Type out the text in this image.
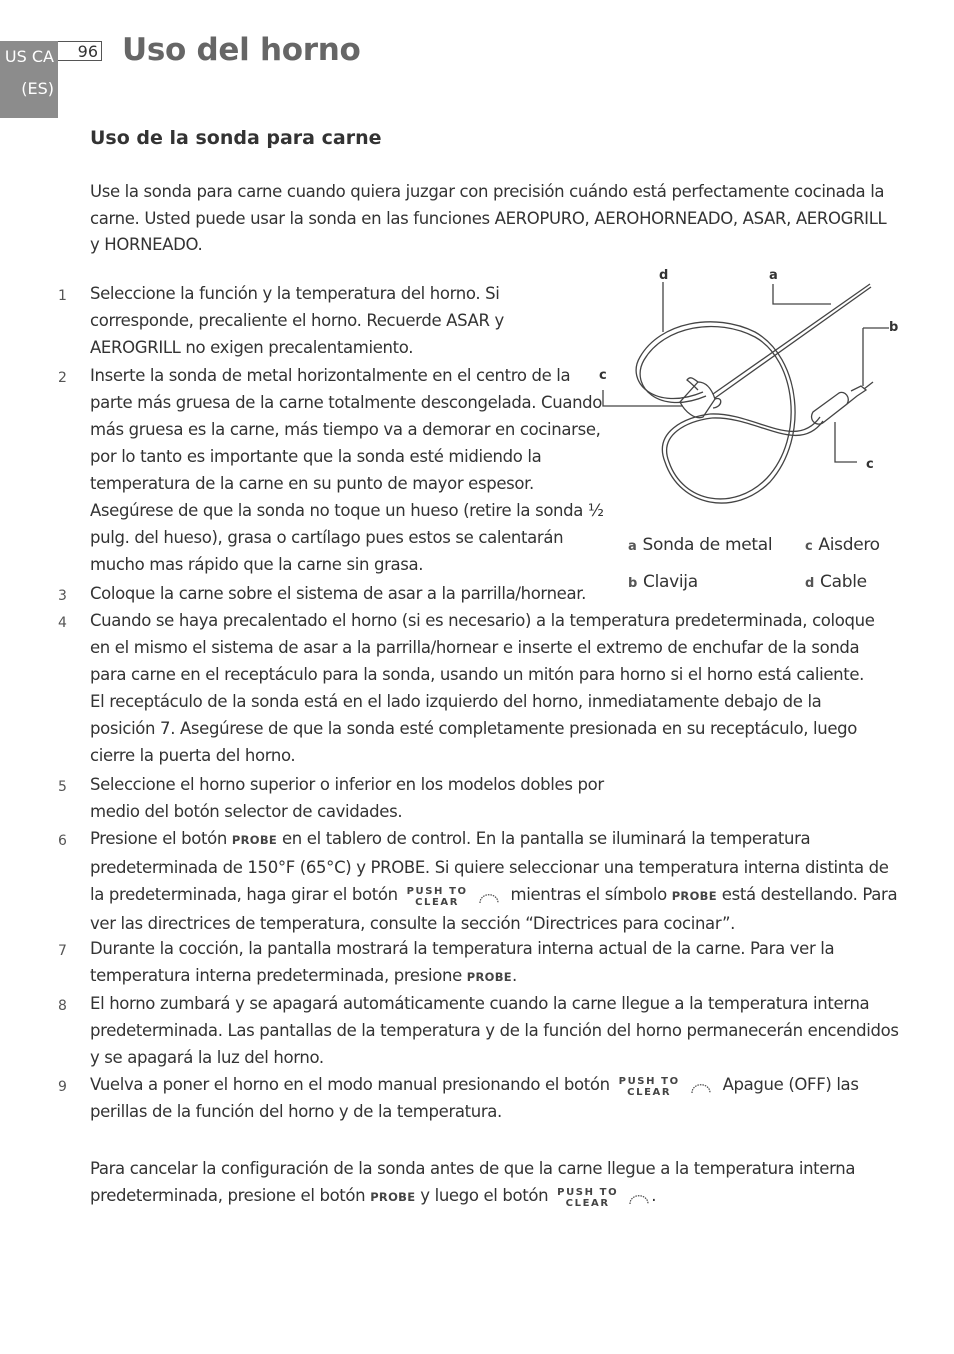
US CA
(ES)
96 Uso del horno
Uso de la sonda para carne

Use la sonda para carne cuando quiera juzgar con precisión cuándo está perfectamente cocinada la carne. Usted puede usar la sonda en las funciones AEROPURO, AEROHORNEADO, ASAR, AEROGRILL y HORNEADO.

d	a
b
c
c
a Sonda de metal	c Aisdero
b Clavija	d Cable
1 Seleccione la función y la temperatura del horno. Si corresponde, precaliente el horno. Recuerde ASAR y AEROGRILL no exigen precalentamiento.

2 Inserte la sonda de metal horizontalmente en el centro de la parte más gruesa de la carne totalmente descongelada. Cuando más gruesa es la carne, más tiempo va a demorar en cocinarse, por lo tanto es importante que la sonda esté midiendo la temperatura de la carne en su punto de mayor espesor. Asegúrese de que la sonda no toque un hueso (retire la sonda ½ pulg. del hueso), grasa o cartílago pues estos se calentarán mucho mas rápido que la carne sin grasa.

3 Coloque la carne sobre el sistema de asar a la parrilla/hornear.

4 Cuando se haya precalentado el horno (si es necesario) a la temperatura predeterminada, coloque en el mismo el sistema de asar a la parrilla/hornear e inserte el extremo de enchufar de la sonda para carne en el receptáculo para la sonda, usando un mitón para horno si el horno está caliente. El receptáculo de la sonda está en el lado izquierdo del horno, inmediatamente debajo de la posición 7. Asegúrese de que la sonda esté completamente presionada en su receptáculo, luego cierre la puerta del horno.

5 Seleccione el horno superior o inferior en los modelos dobles por medio del botón selector de cavidades.

6 Presione el botón PROBE en el tablero de control. En la pantalla se iluminará la temperatura predeterminada de 150°F (65°C) y PROBE. Si quiere seleccionar una temperatura interna distinta de la predeterminada, haga girar el botón PUSH TO
CLEAR	mientras el símbolo PROBE está destellando. Para ver las directrices de temperatura, consulte la sección “Directrices para cocinar”.

7 Durante la cocción, la pantalla mostrará la temperatura interna actual de la carne. Para ver la temperatura interna predeterminada, presione PROBE.

8 El horno zumbará y se apagará automáticamente cuando la carne llegue a la temperatura interna predeterminada. Las pantallas de la temperatura y de la función del horno permanecerán encendidos y se apagará la luz del horno.

9 Vuelva a poner el horno en el modo manual presionando el botón PUSH TO
CLEAR	Apague (OFF) las perillas de la función del horno y de la temperatura.

Para cancelar la configuración de la sonda antes de que la carne llegue a la temperatura interna predeterminada, presione el botón PROBE y luego el botón PUSH TO
CLEAR	.
